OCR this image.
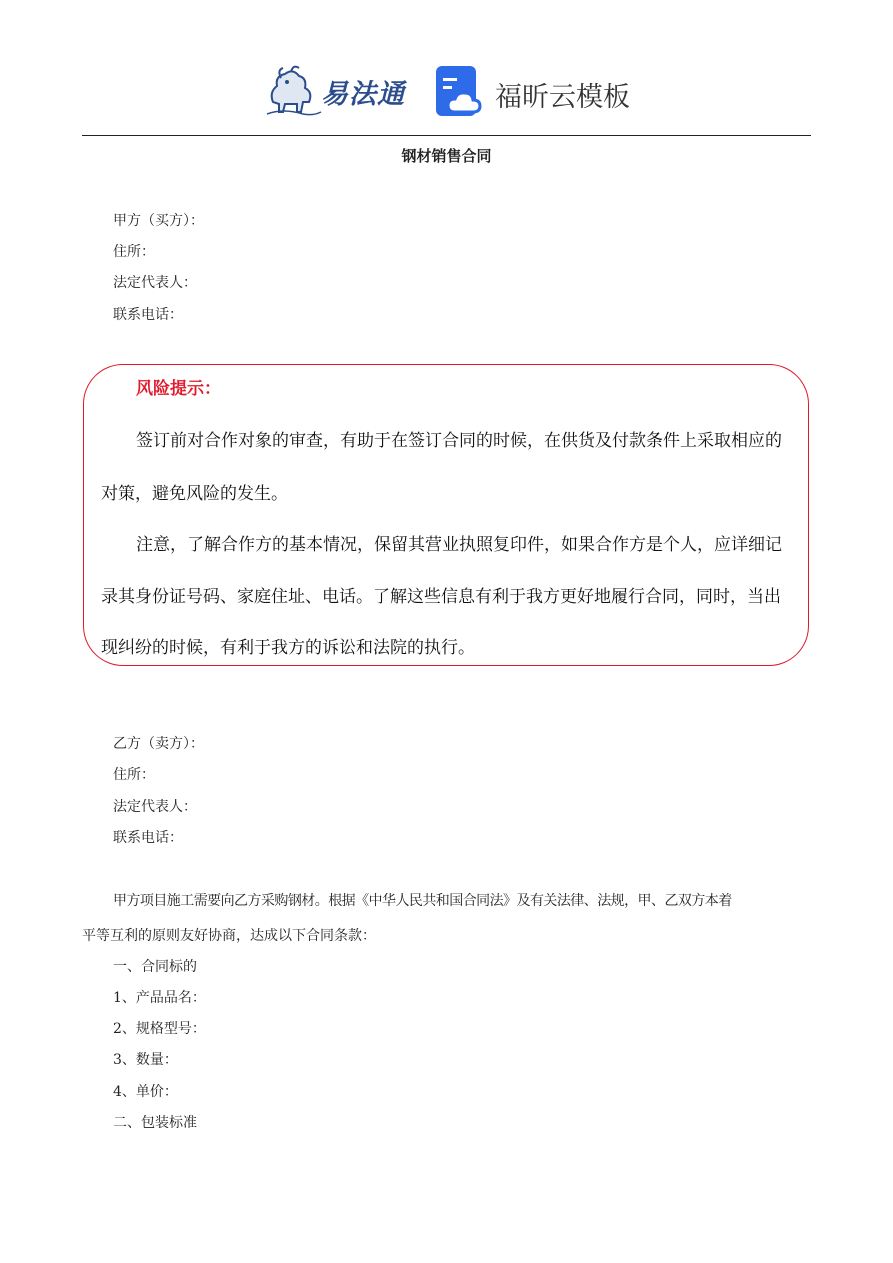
易法通	福昕云模板
钢材销售合同
甲方（买方）：
住所：
法定代表人：
联系电话：
风险提示：
签订前对合作对象的审查，有助于在签订合同的时候，在供货及付款条件上采取相应的
对策，避免风险的发生。
注意，了解合作方的基本情况，保留其营业执照复印件，如果合作方是个人，应详细记
录其身份证号码、家庭住址、电话。了解这些信息有利于我方更好地履行合同，同时，当出
现纠纷的时候，有利于我方的诉讼和法院的执行。
乙方（卖方）：
住所：
法定代表人：
联系电话：
甲方项目施工需要向乙方采购钢材。根据《中华人民共和国合同法》及有关法律、法规，甲、乙双方本着
平等互利的原则友好协商，达成以下合同条款：
一、合同标的
1、产品品名：
2、规格型号：
3、数量：
4、单价：
二、包装标准
